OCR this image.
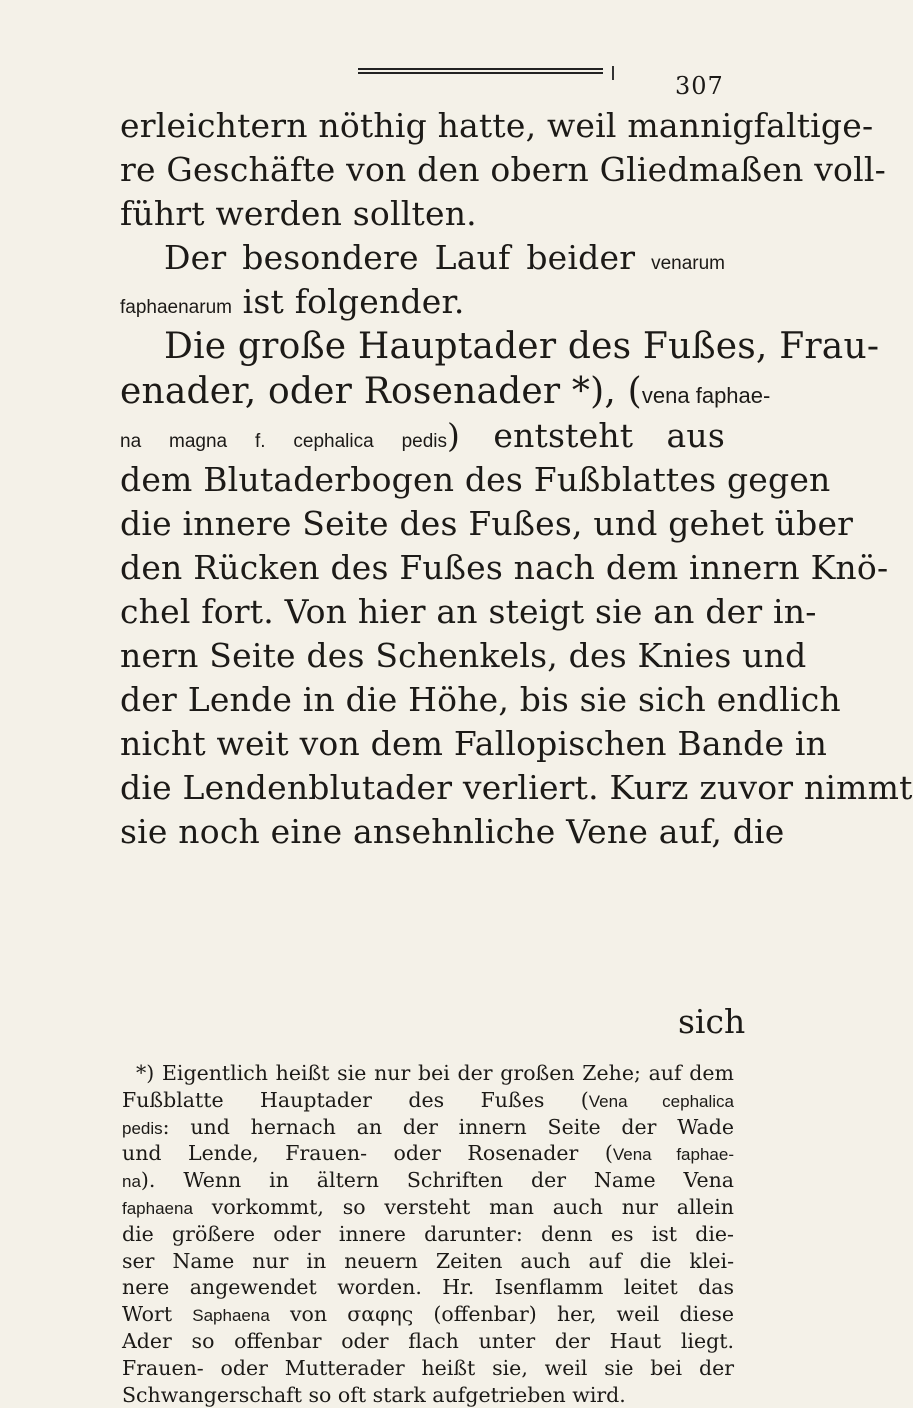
307
erleichtern nöthig hatte, weil mannigfaltige-
re Geschäfte von den obern Gliedmaßen voll-
führt werden sollten.
Der besondere Lauf beider venarum
faphaenarum ist folgender.
Die große Hauptader des Fußes, Frau-
enader, oder Rosenader *), (vena faphae-
na magna f. cephalica pedis) entsteht aus
dem Blutaderbogen des Fußblattes gegen
die innere Seite des Fußes, und gehet über
den Rücken des Fußes nach dem innern Knö-
chel fort. Von hier an steigt sie an der in-
nern Seite des Schenkels, des Knies und
der Lende in die Höhe, bis sie sich endlich
nicht weit von dem Fallopischen Bande in
die Lendenblutader verliert. Kurz zuvor nimmt
sie noch eine ansehnliche Vene auf, die
sich
*) Eigentlich heißt sie nur bei der großen Zehe; auf dem
Fußblatte Hauptader des Fußes (Vena cephalica
pedis: und hernach an der innern Seite der Wade
und Lende, Frauen- oder Rosenader (Vena faphae-
na). Wenn in ältern Schriften der Name Vena
faphaena vorkommt, so versteht man auch nur allein
die größere oder innere darunter: denn es ist die-
ser Name nur in neuern Zeiten auch auf die klei-
nere angewendet worden. Hr. Isenflamm leitet das
Wort Saphaena von σαφης (offenbar) her, weil diese
Ader so offenbar oder flach unter der Haut liegt.
Frauen- oder Mutterader heißt sie, weil sie bei der
Schwangerschaft so oft stark aufgetrieben wird.
